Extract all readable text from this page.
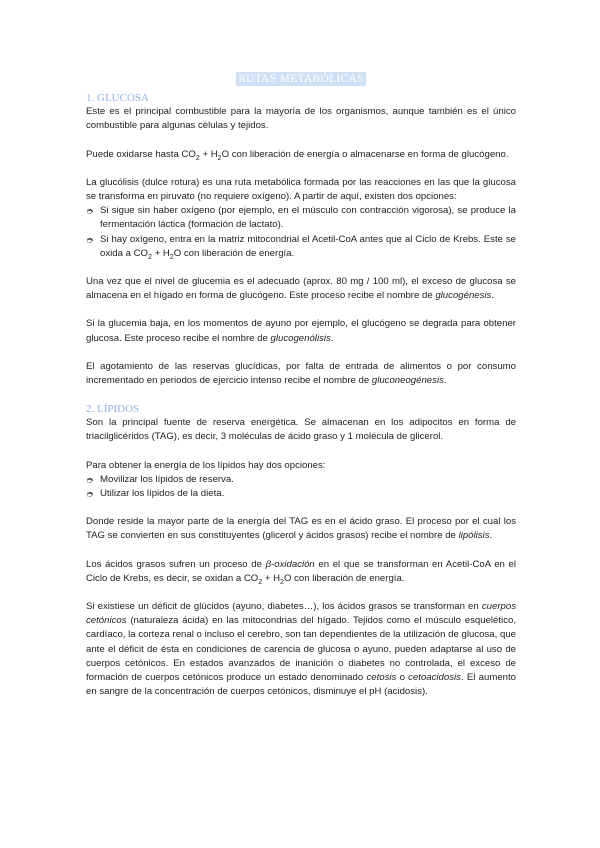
RUTAS METABÓLICAS
1. GLUCOSA

Este es el principal combustible para la mayoría de los organismos, aunque también es el único combustible para algunas células y tejidos.

Puede oxidarse hasta $CO_2 + H_2O$ con liberación de energía o almacenarse en forma de glucógeno.

La glucólisis (dulce rotura) es una ruta metabólica formada por las reacciones en las que la glucosa se transforma en piruvato (no requiere oxígeno). A partir de aquí, existen dos opciones:
➮ Si sigue sin haber oxígeno (por ejemplo, en el músculo con contracción vigorosa), se produce la fermentación láctica (formación de lactato).
➮ Si hay oxígeno, entra en la matriz mitocondrial el Acetil-CoA antes que al Ciclo de Krebs. Este se oxida a $CO_2 + H_2O$ con liberación de energía.

Una vez que el nivel de glucemia es el adecuado (aprox. 80 mg / 100 ml), el exceso de glucosa se almacena en el hígado en forma de glucógeno. Este proceso recibe el nombre de glucogénesis.

Si la glucemia baja, en los momentos de ayuno por ejemplo, el glucógeno se degrada para obtener glucosa. Este proceso recibe el nombre de glucogenólisis.

El agotamiento de las reservas glucídicas, por falta de entrada de alimentos o por consumo incrementado en periodos de ejercicio intenso recibe el nombre de gluconeogénesis.

2. LÍPIDOS

Son la principal fuente de reserva energética. Se almacenan en los adipocitos en forma de triacilglicéridos (TAG), es decir, 3 moléculas de ácido graso y 1 molécula de glicerol.

Para obtener la energía de los lípidos hay dos opciones:
➮ Movilizar los lípidos de reserva.
➮ Utilizar los lípidos de la dieta.

Donde reside la mayor parte de la energía del TAG es en el ácido graso. El proceso por el cual los TAG se convierten en sus constituyentes (glicerol y ácidos grasos) recibe el nombre de lipólisis.

Los ácidos grasos sufren un proceso de β-oxidación en el que se transforman en Acetil-CoA en el Ciclo de Krebs, es decir, se oxidan a $CO_2 + H_2O$ con liberación de energía.

Si existiese un déficit de glúcidos (ayuno, diabetes…), los ácidos grasos se transforman en cuerpos cetónicos (naturaleza ácida) en las mitocondrias del hígado. Tejidos como el músculo esquelético, cardíaco, la corteza renal o incluso el cerebro, son tan dependientes de la utilización de glucosa, que ante el déficit de ésta en condiciones de carencia de glucosa o ayuno, pueden adaptarse al uso de cuerpos cetónicos. En estados avanzados de inanición o diabetes no controlada, el exceso de formación de cuerpos cetónicos produce un estado denominado cetosis o cetoacidosis. El aumento en sangre de la concentración de cuerpos cetónicos, disminuye el pH (acidosis).
